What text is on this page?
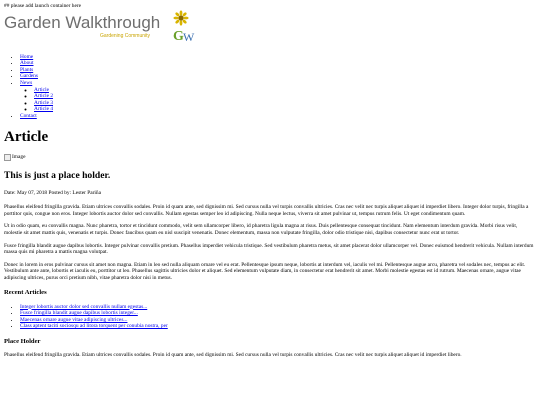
## please add launch container here
Garden Walkthrough
Gardening Community	G W
• Home
• About
• Plants
• Gardens
• News
◦ Article
◦ Article 2
◦ Article 3
◦ Article 4
• Contact
Article
Image
This is just a place holder.

Date: May 07, 2018 Posted by: Lester Pariña

Phasellus eleifend fringilla gravida. Etiam ultrices convallis sodales. Proin id quam ante, sed dignissim mi. Sed cursus nulla vel turpis convallis ultricies. Cras nec velit nec turpis aliquet aliquet id imperdiet libero. Integer dolor turpis, fringilla a porttitor quis, congue non eros. Integer lobortis auctor dolor sed convallis. Nullam egestas semper leo id adipiscing. Nulla neque lectus, viverra sit amet pulvinar ut, tempus rutrum felis. Ut eget condimentum quam.

Ut in odio quam, eu convallis magna. Nunc pharetra, tortor et tincidunt commodo, velit sem ullamcorper libero, id pharetra ligula magna at risus. Duis pellentesque consequat tincidunt. Nam elementum interdum gravida. Morbi risus velit, molestie sit amet mattis quis, venenatis et turpis. Donec faucibus quam eu nisl suscipit venenatis. Donec elementum, massa non vulputate fringilla, dolor odio tristique nisi, dapibus consectetur nunc erat ut tortor.

Fusce fringilla blandit augue dapibus lobortis. Integer pulvinar convallis pretium. Phasellus imperdiet vehicula tristique. Sed vestibulum pharetra metus, sit amet placerat dolor ullamcorper vel. Donec euismod hendrerit vehicula. Nullam interdum massa quis mi pharetra a mattis magna volutpat.

Donec in lorem in eros pulvinar cursus sit amet non magna. Etiam in leo sed nulla aliquam ornare vel eu erat. Pellentesque ipsum neque, lobortis at interdum vel, iaculis vel mi. Pellentesque augue arcu, pharetra vel sodales nec, tempus ac elit. Vestibulum ante ante, lobortis et iaculis eu, porttitor ut leo. Phasellus sagittis ultricies dolor et aliquet. Sed elementum vulputate diam, in consectetur erat hendrerit sit amet. Morbi molestie egestas est id rutrum. Maecenas ornare, augue vitae adipiscing ultrices, purus orci pretium nibh, vitae pharetra dolor nisi in metus.

Recent Articles
• Integer lobortis auctor dolor sed convallis nullam egestas...
• Fusce fringilla blandit augue dapibus lobortis integer...
• Maecenas ornare augue vitae adipiscing ultrices...
• Class aptent taciti sociosqu ad litora torquent per conubia nostra, per
Place Holder

Phasellus eleifend fringilla gravida. Etiam ultrices convallis sodales. Proin id quam ante, sed dignissim mi. Sed cursus nulla vel turpis convallis ultricies. Cras nec velit nec turpis aliquet aliquet id imperdiet libero.
